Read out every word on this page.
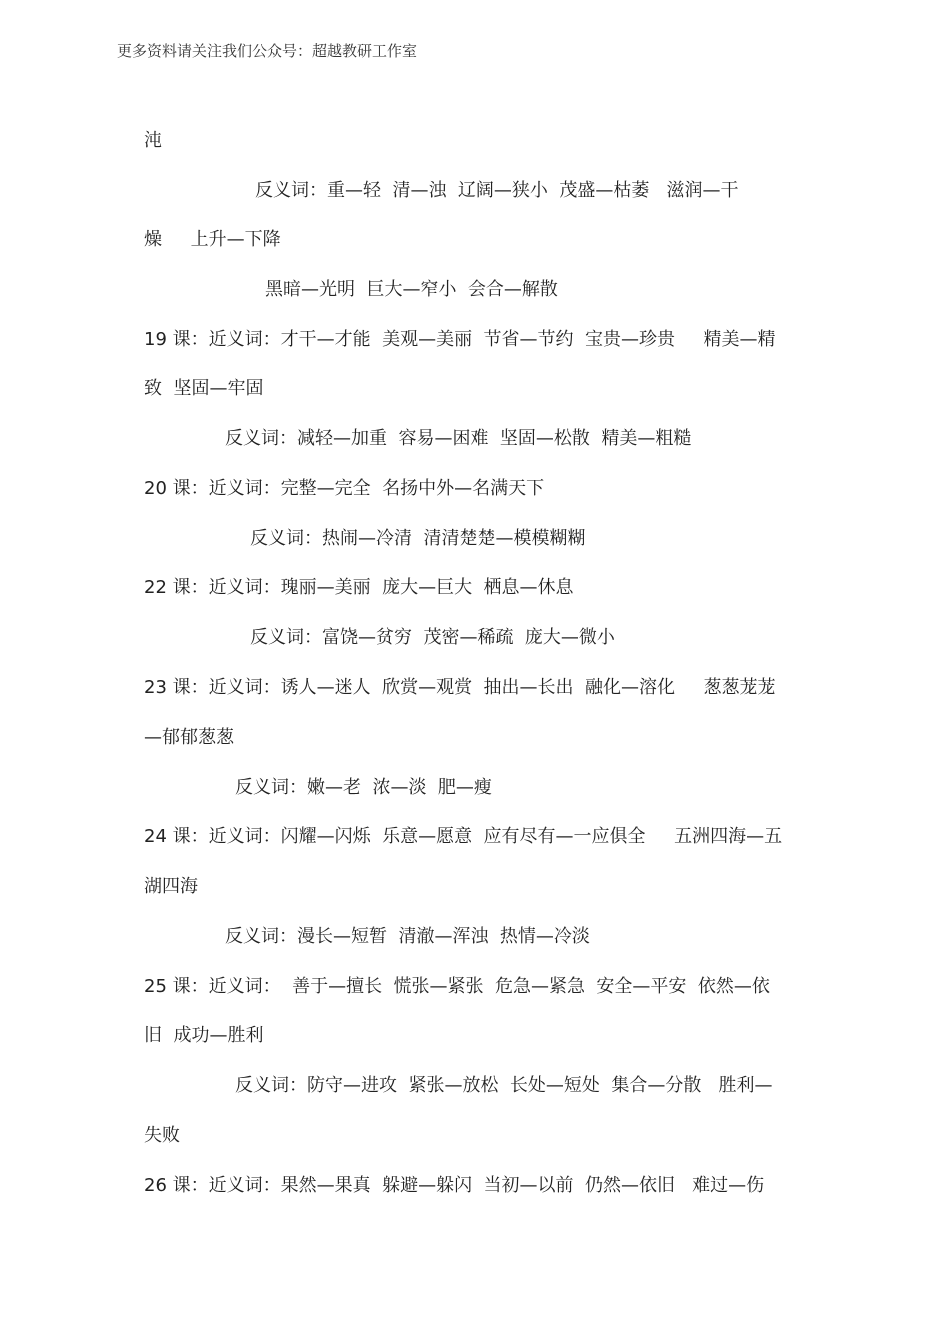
更多资料请关注我们公众号：超越教研工作室
沌
反义词：重—轻  清—浊  辽阔—狭小  茂盛—枯萎   滋润—干
燥     上升—下降
黑暗—光明  巨大—窄小  会合—解散
19 课：近义词：才干—才能  美观—美丽  节省—节约  宝贵—珍贵     精美—精
致  坚固—牢固
反义词：减轻—加重  容易—困难  坚固—松散  精美—粗糙
20 课：近义词：完整—完全  名扬中外—名满天下
反义词：热闹—冷清  清清楚楚—模模糊糊
22 课：近义词：瑰丽—美丽  庞大—巨大  栖息—休息
反义词：富饶—贫穷  茂密—稀疏  庞大—微小
23 课：近义词：诱人—迷人  欣赏—观赏  抽出—长出  融化—溶化     葱葱茏茏
—郁郁葱葱
反义词：嫩—老  浓—淡  肥—瘦
24 课：近义词：闪耀—闪烁  乐意—愿意  应有尽有—一应俱全     五洲四海—五
湖四海
反义词：漫长—短暂  清澈—浑浊  热情—冷淡
25 课：近义词：  善于—擅长  慌张—紧张  危急—紧急  安全—平安  依然—依
旧  成功—胜利
反义词：防守—进攻  紧张—放松  长处—短处  集合—分散   胜利—
失败
26 课：近义词：果然—果真  躲避—躲闪  当初—以前  仍然—依旧   难过—伤
